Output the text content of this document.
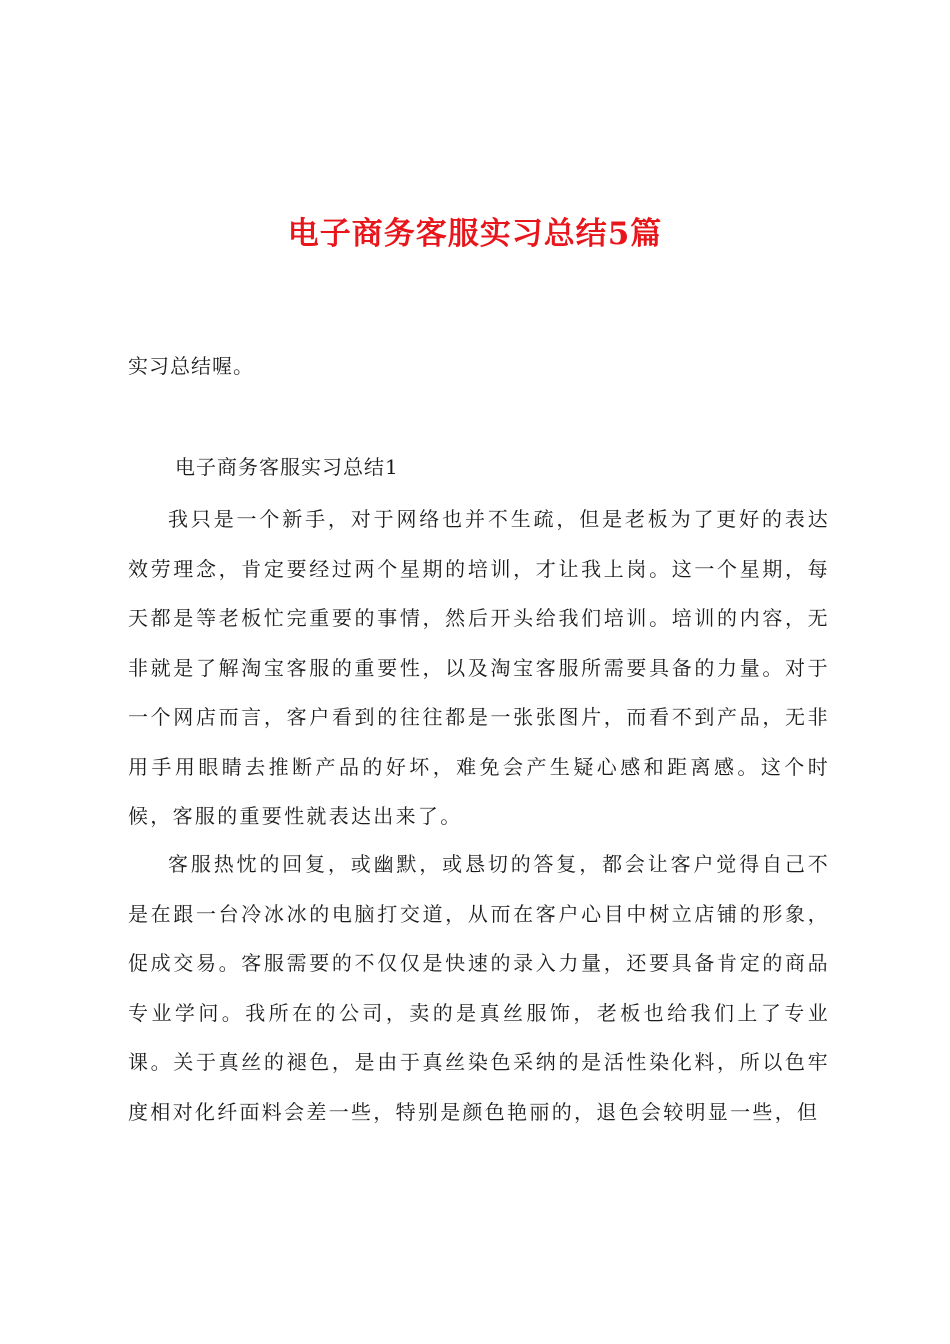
电子商务客服实习总结5篇

实习总结喔。

电子商务客服实习总结1

我只是一个新手，对于网络也并不生疏，但是老板为了更好的表达效劳理念，肯定要经过两个星期的培训，才让我上岗。这一个星期，每天都是等老板忙完重要的事情，然后开头给我们培训。培训的内容，无非就是了解淘宝客服的重要性，以及淘宝客服所需要具备的力量。对于一个网店而言，客户看到的往往都是一张张图片，而看不到产品，无非用手用眼睛去推断产品的好坏，难免会产生疑心感和距离感。这个时候，客服的重要性就表达出来了。

客服热忱的回复，或幽默，或恳切的答复，都会让客户觉得自己不是在跟一台冷冰冰的电脑打交道，从而在客户心目中树立店铺的形象，促成交易。客服需要的不仅仅是快速的录入力量，还要具备肯定的商品专业学问。我所在的公司，卖的是真丝服饰，老板也给我们上了专业课。关于真丝的褪色，是由于真丝染色采纳的是活性染化料，所以色牢度相对化纤面料会差一些，特别是颜色艳丽的，退色会较明显一些，但
